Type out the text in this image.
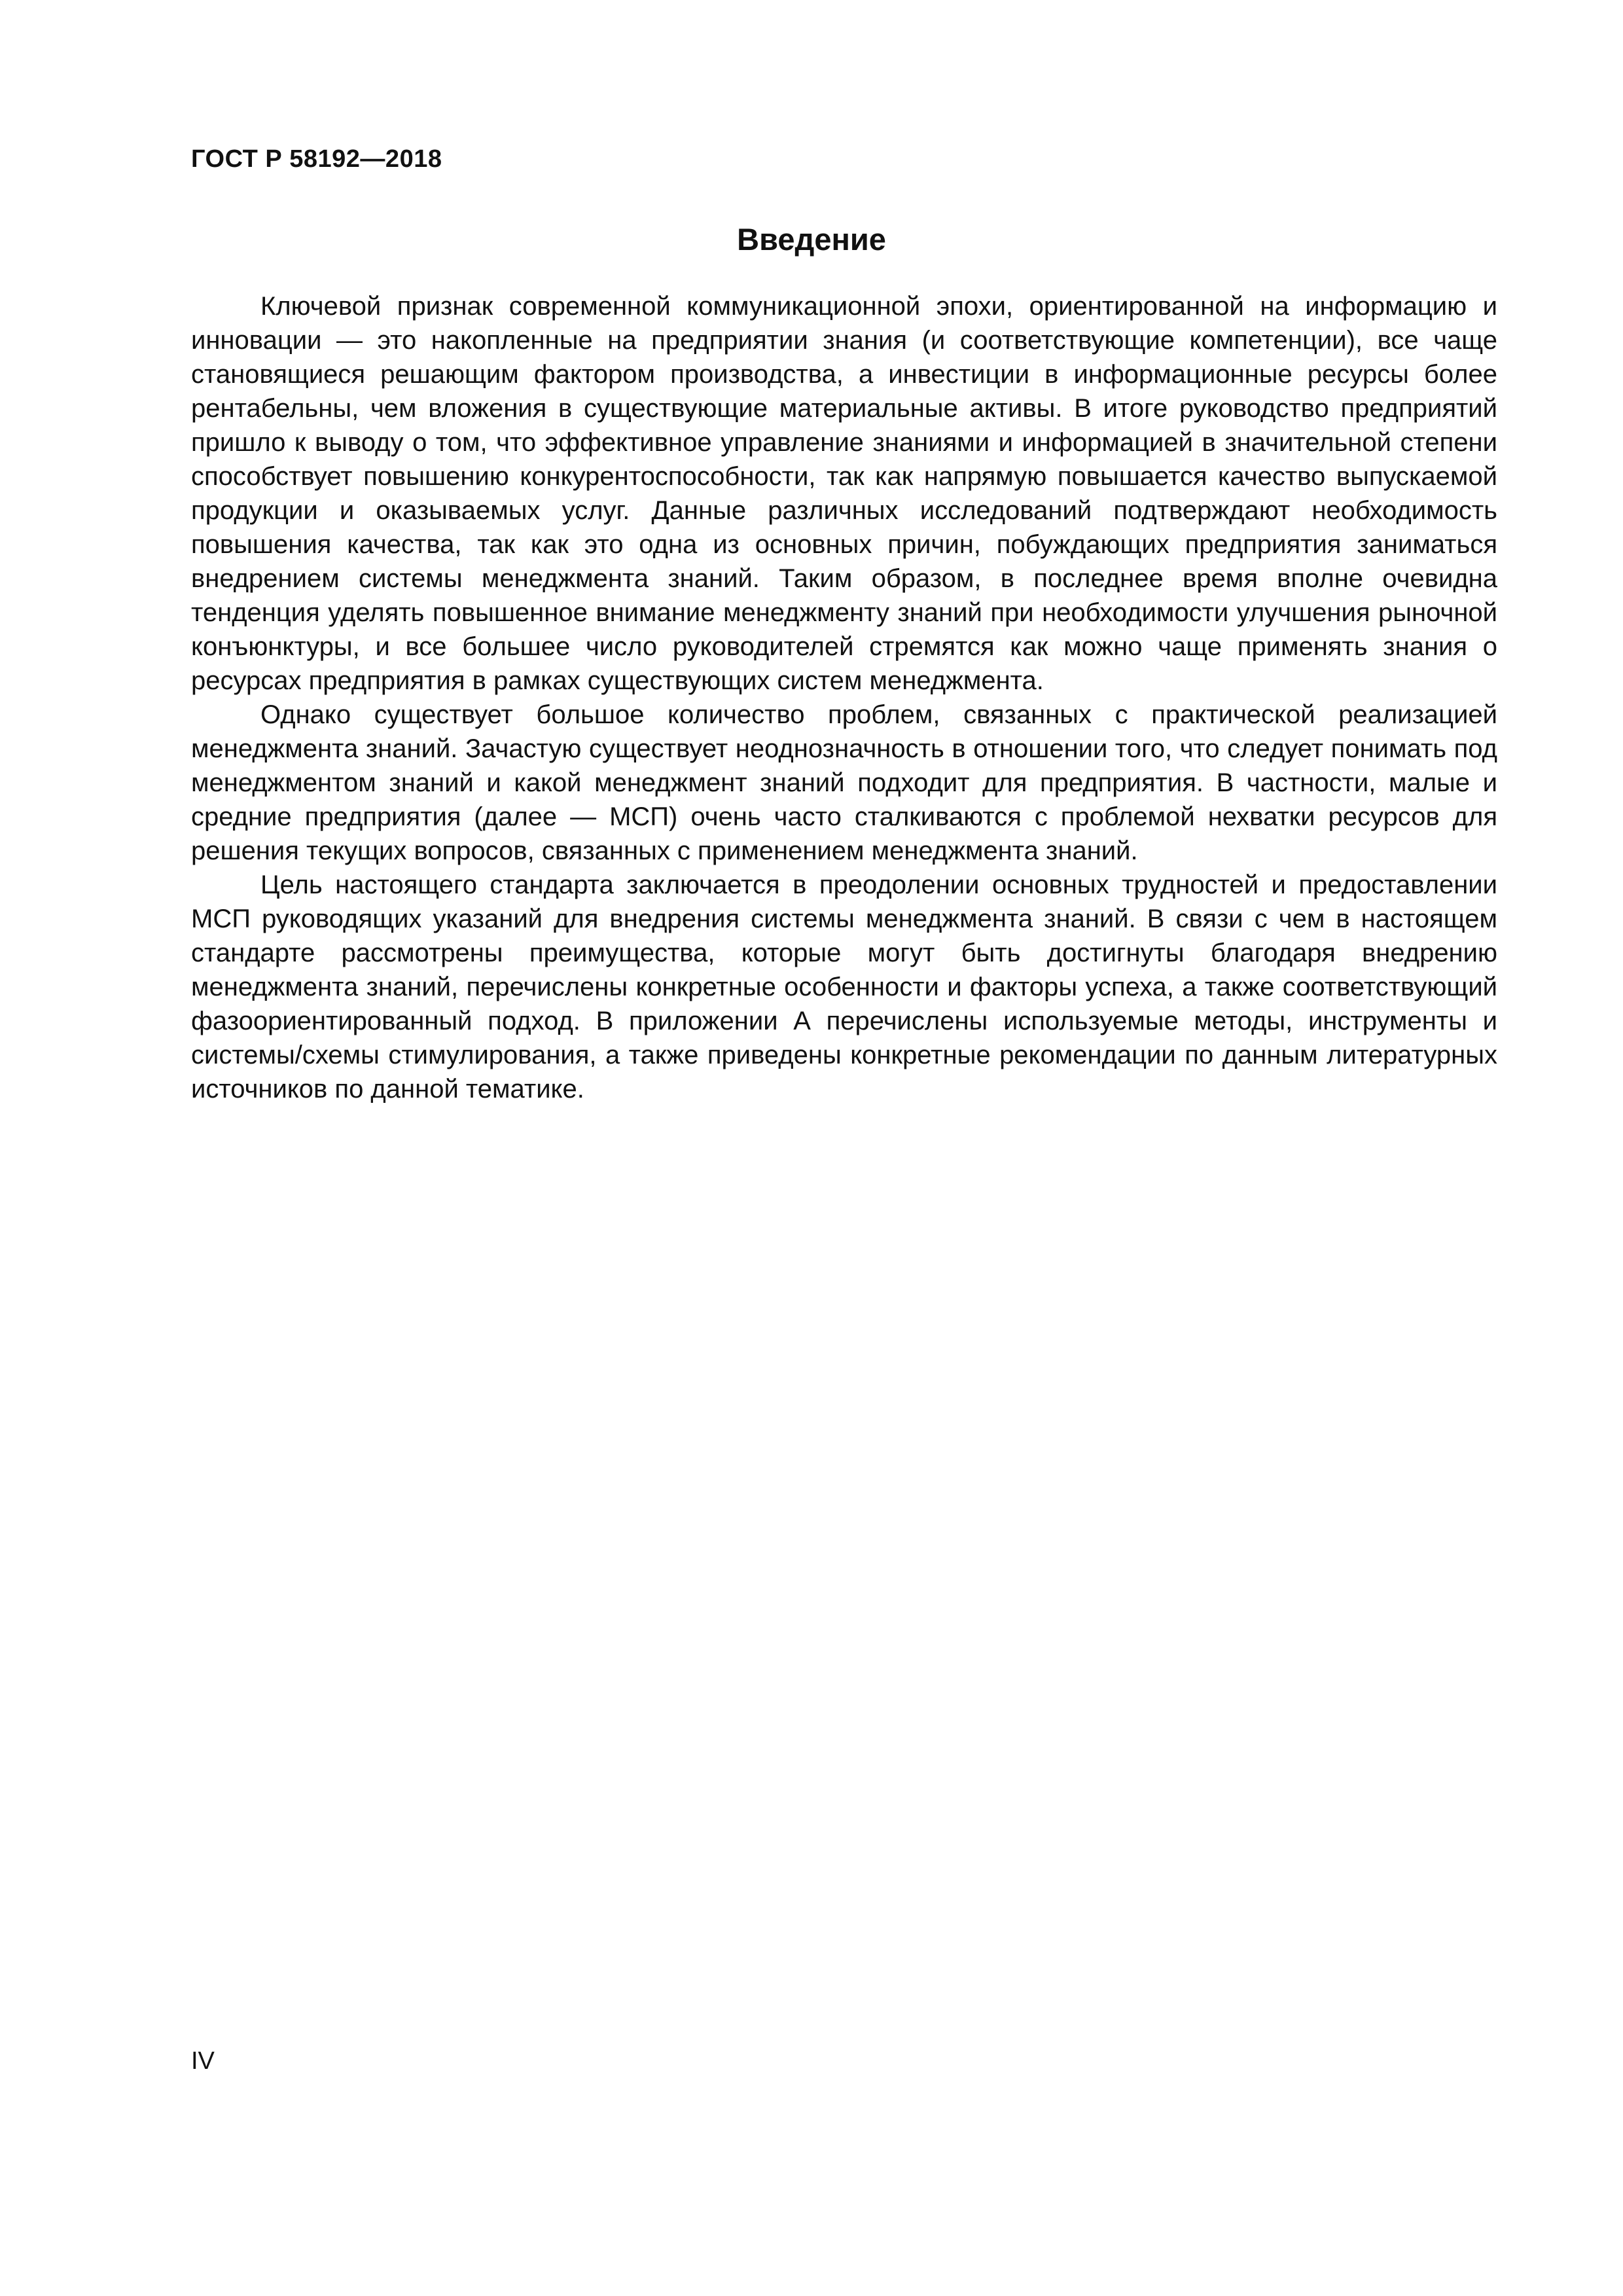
ГОСТ Р 58192—2018
Введение

Ключевой признак современной коммуникационной эпохи, ориентированной на информацию и инновации — это накопленные на предприятии знания (и соответствующие компетенции), все чаще становящиеся решающим фактором производства, а инвестиции в информационные ресурсы более рентабельны, чем вложения в существующие материальные активы. В итоге руководство предприятий пришло к выводу о том, что эффективное управление знаниями и информацией в значительной степени способствует повышению конкурентоспособности, так как напрямую повышается качество выпускаемой продукции и оказываемых услуг. Данные различных исследований подтверждают необходимость повышения качества, так как это одна из основных причин, побуждающих предприятия заниматься внедрением системы менеджмента знаний. Таким образом, в последнее время вполне очевидна тенденция уделять повышенное внимание менеджменту знаний при необходимости улучшения рыночной конъюнктуры, и все большее число руководителей стремятся как можно чаще применять знания о ресурсах предприятия в рамках существующих систем менеджмента.

Однако существует большое количество проблем, связанных с практической реализацией менеджмента знаний. Зачастую существует неоднозначность в отношении того, что следует понимать под менеджментом знаний и какой менеджмент знаний подходит для предприятия. В частности, малые и средние предприятия (далее — МСП) очень часто сталкиваются с проблемой нехватки ресурсов для решения текущих вопросов, связанных с применением менеджмента знаний.

Цель настоящего стандарта заключается в преодолении основных трудностей и предоставлении МСП руководящих указаний для внедрения системы менеджмента знаний. В связи с чем в настоящем стандарте рассмотрены преимущества, которые могут быть достигнуты благодаря внедрению менеджмента знаний, перечислены конкретные особенности и факторы успеха, а также соответствующий фазоориентированный подход. В приложении А перечислены используемые методы, инструменты и системы/схемы стимулирования, а также приведены конкретные рекомендации по данным литературных источников по данной тематике.

IV
